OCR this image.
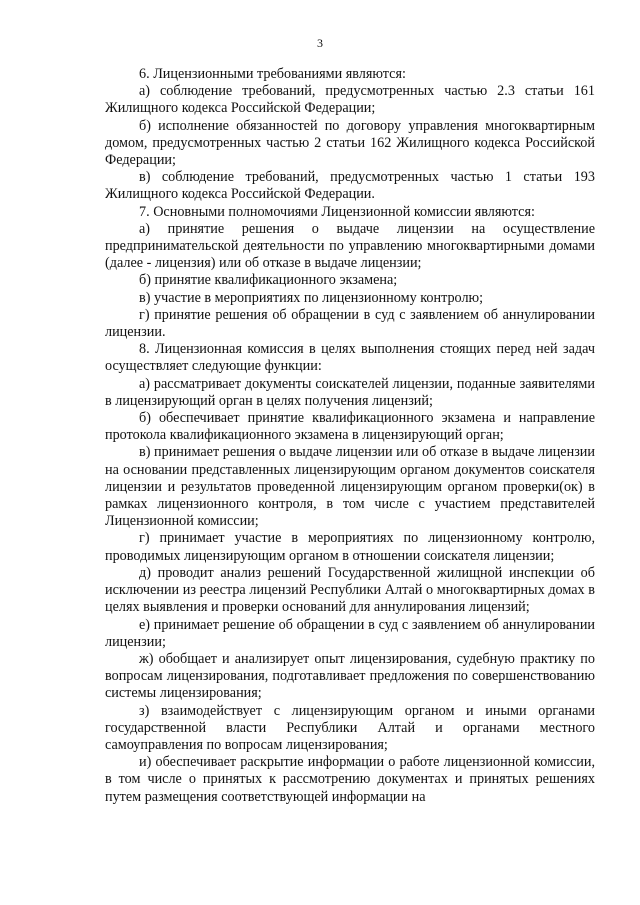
3

6. Лицензионными требованиями являются:

а) соблюдение требований, предусмотренных частью 2.3 статьи 161 Жилищного кодекса Российской Федерации;

б) исполнение обязанностей по договору управления многоквартирным домом, предусмотренных частью 2 статьи 162 Жилищного кодекса Российской Федерации;

в) соблюдение требований, предусмотренных частью 1 статьи 193 Жилищного кодекса Российской Федерации.

7. Основными полномочиями Лицензионной комиссии являются:

а) принятие решения о выдаче лицензии на осуществление предпринимательской деятельности по управлению многоквартирными домами (далее - лицензия) или об отказе в выдаче лицензии;

б) принятие квалификационного экзамена;

в) участие в мероприятиях по лицензионному контролю;

г) принятие решения об обращении в суд с заявлением об аннулировании лицензии.

8. Лицензионная комиссия в целях выполнения стоящих перед ней задач осуществляет следующие функции:

а) рассматривает документы соискателей лицензии, поданные заявителями в лицензирующий орган в целях получения лицензий;

б) обеспечивает принятие квалификационного экзамена и направление протокола квалификационного экзамена в лицензирующий орган;

в) принимает решения о выдаче лицензии или об отказе в выдаче лицензии на основании представленных лицензирующим органом документов соискателя лицензии и результатов проведенной лицензирующим органом проверки(ок) в рамках лицензионного контроля, в том числе с участием представителей Лицензионной комиссии;

г) принимает участие в мероприятиях по лицензионному контролю, проводимых лицензирующим органом в отношении соискателя лицензии;

д) проводит анализ решений Государственной жилищной инспекции об исключении из реестра лицензий Республики Алтай о многоквартирных домах в целях выявления и проверки оснований для аннулирования лицензий;

е) принимает решение об обращении в суд с заявлением об аннулировании лицензии;

ж) обобщает и анализирует опыт лицензирования, судебную практику по вопросам лицензирования, подготавливает предложения по совершенствованию системы лицензирования;

з) взаимодействует с лицензирующим органом и иными органами государственной власти Республики Алтай и органами местного самоуправления по вопросам лицензирования;

и) обеспечивает раскрытие информации о работе лицензионной комиссии, в том числе о принятых к рассмотрению документах и принятых решениях путем размещения соответствующей информации на
